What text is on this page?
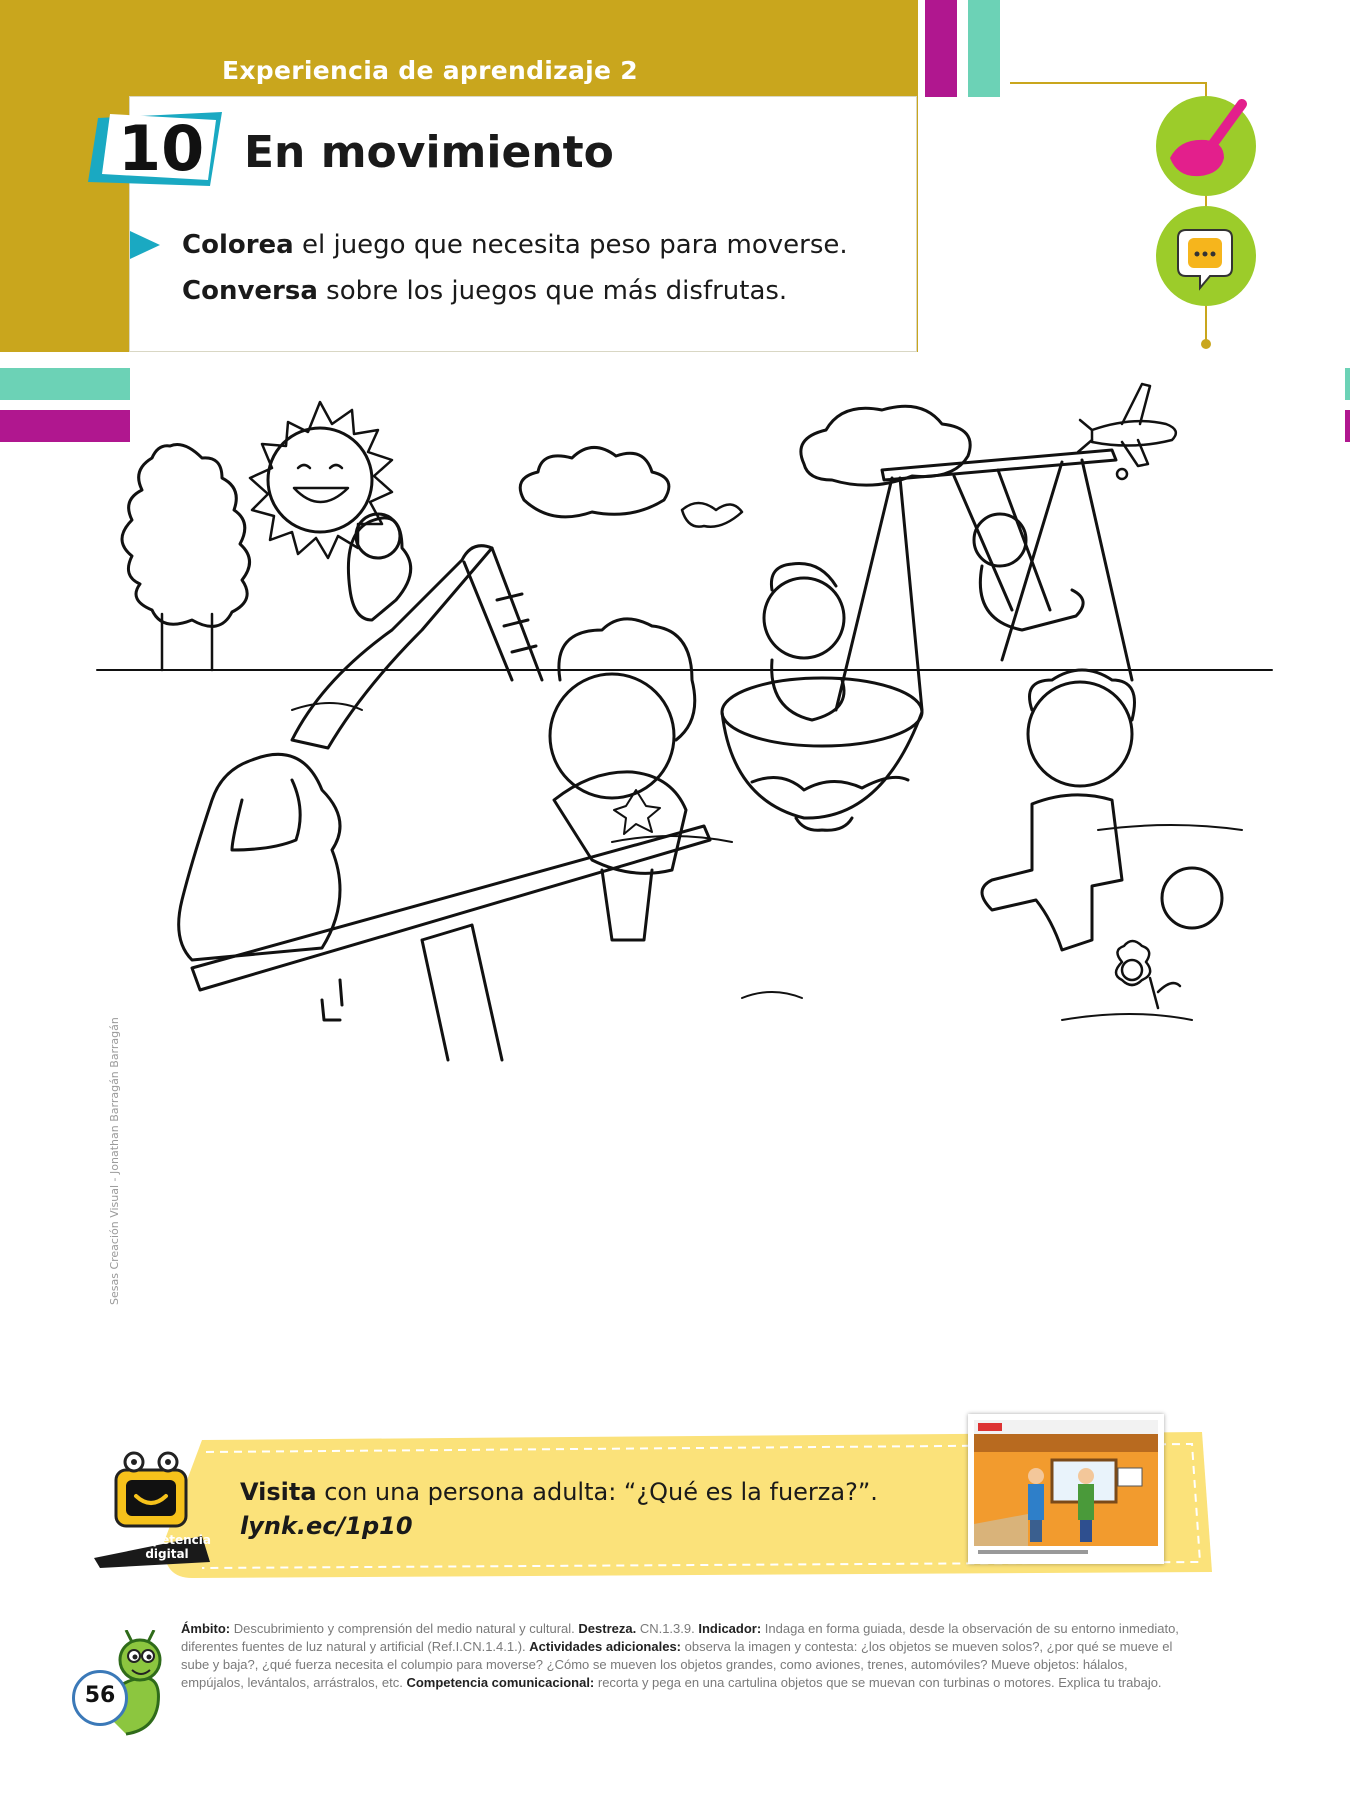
Experiencia de aprendizaje 2
10 En movimiento
Colorea el juego que necesita peso para moverse.
Conversa sobre los juegos que más disfrutas.
Sesas Creación Visual - Jonathan Barragán Barragán
Competencia
digital
Visita con una persona adulta: “¿Qué es la fuerza?”.
lynk.ec/1p10
Ámbito: Descubrimiento y comprensión del medio natural y cultural. Destreza. CN.1.3.9. Indicador: Indaga en forma guiada, desde la observación de su entorno inmediato, diferentes fuentes de luz natural y artificial (Ref.I.CN.1.4.1.). Actividades adicionales: observa la imagen y contesta: ¿los objetos se mueven solos?, ¿por qué se mueve el sube y baja?, ¿qué fuerza necesita el columpio para moverse? ¿Cómo se mueven los objetos grandes, como aviones, trenes, automóviles? Mueve objetos: hálalos, empújalos, levántalos, arrástralos, etc. Competencia comunicacional: recorta y pega en una cartulina objetos que se muevan con turbinas o motores. Explica tu trabajo.
56
